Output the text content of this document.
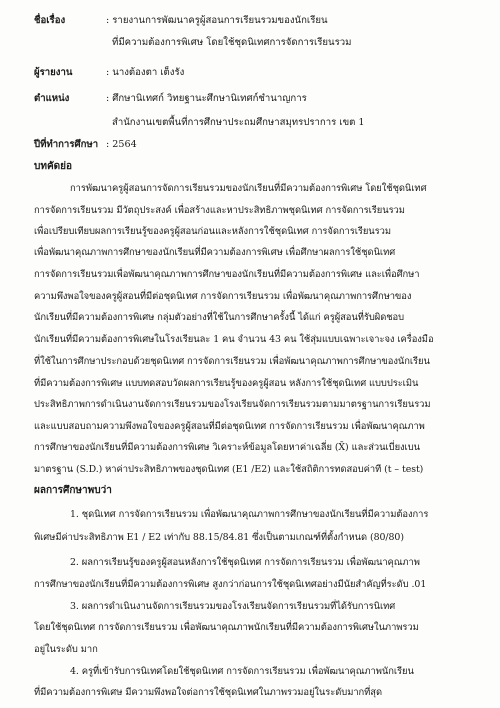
ชื่อเรื่อง	: รายงานการพัฒนาครูผู้สอนการเรียนรวมของนักเรียน
ที่มีความต้องการพิเศษ โดยใช้ชุดนิเทศการจัดการเรียนรวม
ผู้รายงาน	: นางต้องตา เต็งรัง
ตำแหน่ง	: ศึกษานิเทศก์ วิทยฐานะศึกษานิเทศก์ชำนาญการ
สำนักงานเขตพื้นที่การศึกษาประถมศึกษาสมุทรปราการ เขต 1
ปีที่ทำการศึกษา : 2564
บทคัดย่อ
การพัฒนาครูผู้สอนการจัดการเรียนรวมของนักเรียนที่มีความต้องการพิเศษ โดยใช้ชุดนิเทศ
การจัดการเรียนรวม มีวัตถุประสงค์ เพื่อสร้างและหาประสิทธิภาพชุดนิเทศ การจัดการเรียนรวม
เพื่อเปรียบเทียบผลการเรียนรู้ของครูผู้สอนก่อนและหลังการใช้ชุดนิเทศ การจัดการเรียนรวม
เพื่อพัฒนาคุณภาพการศึกษาของนักเรียนที่มีความต้องการพิเศษ เพื่อศึกษาผลการใช้ชุดนิเทศ
การจัดการเรียนรวมเพื่อพัฒนาคุณภาพการศึกษาของนักเรียนที่มีความต้องการพิเศษ และเพื่อศึกษา
ความพึงพอใจของครูผู้สอนที่มีต่อชุดนิเทศ การจัดการเรียนรวม เพื่อพัฒนาคุณภาพการศึกษาของ
นักเรียนที่มีความต้องการพิเศษ กลุ่มตัวอย่างที่ใช้ในการศึกษาครั้งนี้ ได้แก่ ครูผู้สอนที่รับผิดชอบ
นักเรียนที่มีความต้องการพิเศษในโรงเรียนละ 1 คน จำนวน 43 คน ใช้สุ่มแบบเฉพาะเจาะจง เครื่องมือ
ที่ใช้ในการศึกษาประกอบด้วยชุดนิเทศ การจัดการเรียนรวม เพื่อพัฒนาคุณภาพการศึกษาของนักเรียน
ที่มีความต้องการพิเศษ แบบทดสอบวัดผลการเรียนรู้ของครูผู้สอน หลังการใช้ชุดนิเทศ แบบประเมิน
ประสิทธิภาพการดำเนินงานจัดการเรียนรวมของโรงเรียนจัดการเรียนรวมตามมาตรฐานการเรียนรวม
และแบบสอบถามความพึงพอใจของครูผู้สอนที่มีต่อชุดนิเทศ การจัดการเรียนรวม เพื่อพัฒนาคุณภาพ
การศึกษาของนักเรียนที่มีความต้องการพิเศษ วิเคราะห์ข้อมูลโดยหาค่าเฉลี่ย (X̄) และส่วนเบี่ยงเบน
มาตรฐาน (S.D.) หาค่าประสิทธิภาพของชุดนิเทศ (E1 /E2) และใช้สถิติการทดสอบค่าที (t – test)
ผลการศึกษาพบว่า
1. ชุดนิเทศ การจัดการเรียนรวม เพื่อพัฒนาคุณภาพการศึกษาของนักเรียนที่มีความต้องการ
พิเศษมีค่าประสิทธิภาพ E1 / E2 เท่ากับ 88.15/84.81 ซึ่งเป็นตามเกณฑ์ที่ตั้งกำหนด (80/80)
2. ผลการเรียนรู้ของครูผู้สอนหลังการใช้ชุดนิเทศ การจัดการเรียนรวม เพื่อพัฒนาคุณภาพ
การศึกษาของนักเรียนที่มีความต้องการพิเศษ สูงกว่าก่อนการใช้ชุดนิเทศอย่างมีนัยสำคัญที่ระดับ .01
3. ผลการดำเนินงานจัดการเรียนรวมของโรงเรียนจัดการเรียนรวมที่ได้รับการนิเทศ
โดยใช้ชุดนิเทศ การจัดการเรียนรวม เพื่อพัฒนาคุณภาพนักเรียนที่มีความต้องการพิเศษในภาพรวม
อยู่ในระดับ มาก
4. ครูที่เข้ารับการนิเทศโดยใช้ชุดนิเทศ การจัดการเรียนรวม เพื่อพัฒนาคุณภาพนักเรียน
ที่มีความต้องการพิเศษ มีความพึงพอใจต่อการใช้ชุดนิเทศในภาพรวมอยู่ในระดับมากที่สุด
